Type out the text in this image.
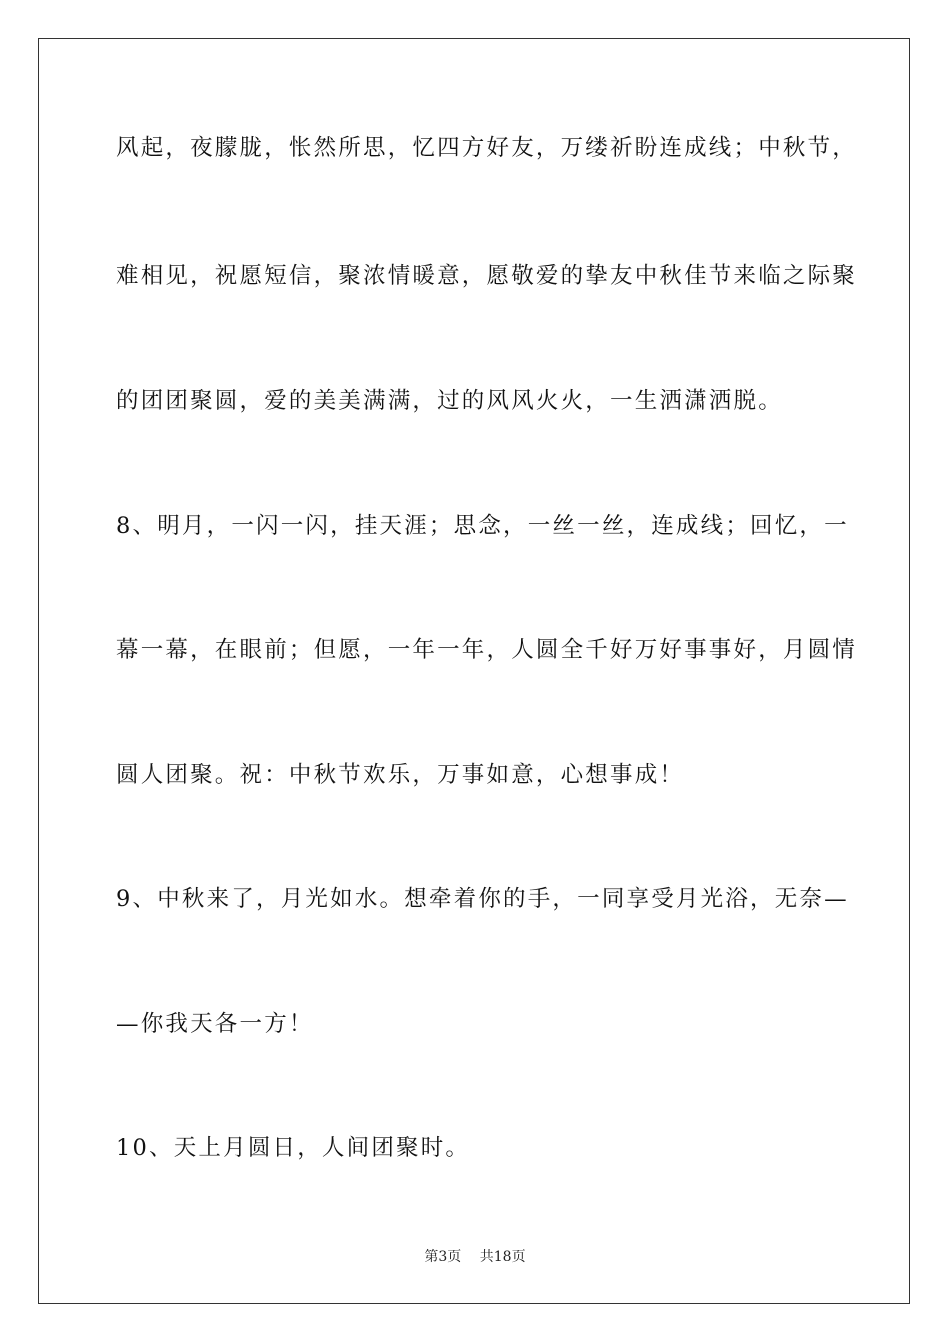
风起，夜朦胧，怅然所思，忆四方好友，万缕祈盼连成线；中秋节，
难相见，祝愿短信，聚浓情暖意，愿敬爱的挚友中秋佳节来临之际聚
的团团聚圆，爱的美美满满，过的风风火火，一生洒潇洒脱。
8、明月，一闪一闪，挂天涯；思念，一丝一丝，连成线；回忆，一
幕一幕，在眼前；但愿，一年一年，人圆全千好万好事事好，月圆情
圆人团聚。祝：中秋节欢乐，万事如意，心想事成！
9、中秋来了，月光如水。想牵着你的手，一同享受月光浴，无奈—
—你我天各一方！
10、天上月圆日，人间团聚时。
第3页 共18页
